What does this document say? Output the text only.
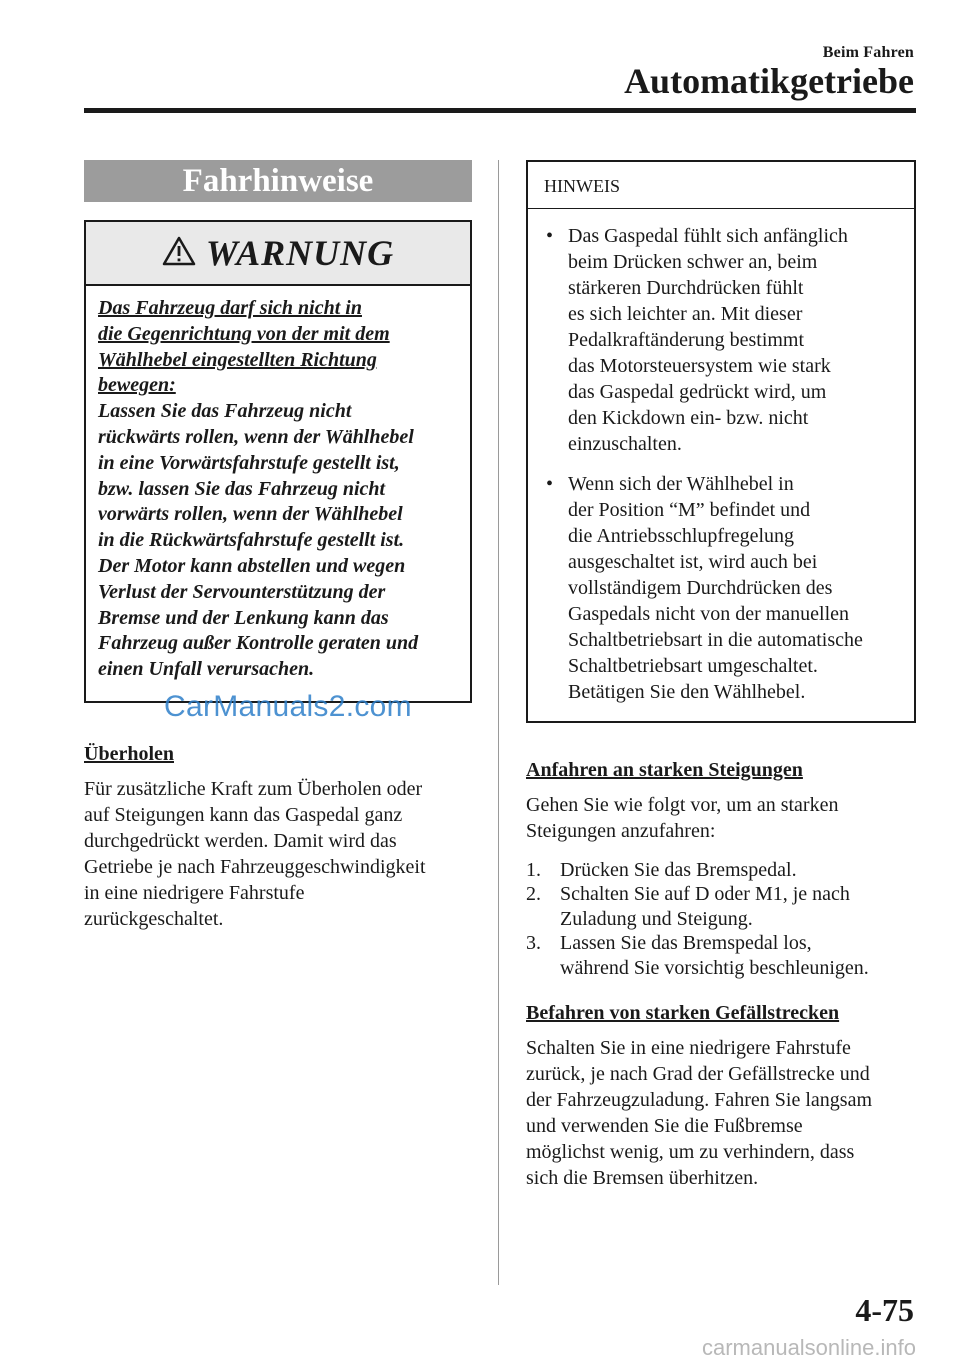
Beim Fahren
Automatikgetriebe
Fahrhinweise
WARNUNG
Das Fahrzeug darf sich nicht in
die Gegenrichtung von der mit dem
Wählhebel eingestellten Richtung
bewegen:
Lassen Sie das Fahrzeug nicht
rückwärts rollen, wenn der Wählhebel
in eine Vorwärtsfahrstufe gestellt ist,
bzw. lassen Sie das Fahrzeug nicht
vorwärts rollen, wenn der Wählhebel
in die Rückwärtsfahrstufe gestellt ist.
Der Motor kann abstellen und wegen
Verlust der Servounterstützung der
Bremse und der Lenkung kann das
Fahrzeug außer Kontrolle geraten und
einen Unfall verursachen.
Überholen
Für zusätzliche Kraft zum Überholen oder
auf Steigungen kann das Gaspedal ganz
durchgedrückt werden. Damit wird das
Getriebe je nach Fahrzeuggeschwindigkeit
in eine niedrigere Fahrstufe
zurückgeschaltet.
CarManuals2.com
HINWEIS
• Das Gaspedal fühlt sich anfänglich
beim Drücken schwer an, beim
stärkeren Durchdrücken fühlt
es sich leichter an. Mit dieser
Pedalkraftänderung bestimmt
das Motorsteuersystem wie stark
das Gaspedal gedrückt wird, um
den Kickdown ein- bzw. nicht
einzuschalten.
• Wenn sich der Wählhebel in
der Position “M” befindet und
die Antriebsschlupfregelung
ausgeschaltet ist, wird auch bei
vollständigem Durchdrücken des
Gaspedals nicht von der manuellen
Schaltbetriebsart in die automatische
Schaltbetriebsart umgeschaltet.
Betätigen Sie den Wählhebel.
Anfahren an starken Steigungen
Gehen Sie wie folgt vor, um an starken
Steigungen anzufahren:
1. Drücken Sie das Bremspedal.
2. Schalten Sie auf D oder M1, je nach
Zuladung und Steigung.
3. Lassen Sie das Bremspedal los,
während Sie vorsichtig beschleunigen.
Befahren von starken Gefällstrecken
Schalten Sie in eine niedrigere Fahrstufe
zurück, je nach Grad der Gefällstrecke und
der Fahrzeugzuladung. Fahren Sie langsam
und verwenden Sie die Fußbremse
möglichst wenig, um zu verhindern, dass
sich die Bremsen überhitzen.
4-75
carmanualsonline.info
